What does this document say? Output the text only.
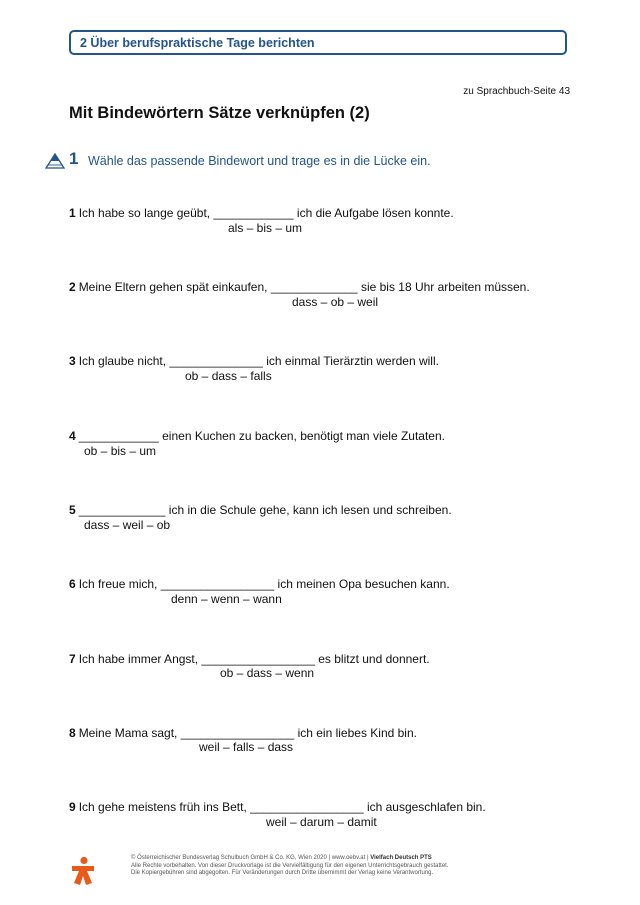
2 Über berufspraktische Tage berichten
zu Sprachbuch-Seite 43
Mit Bindewörtern Sätze verknüpfen (2)
1 Wähle das passende Bindewort und trage es in die Lücke ein.
1 Ich habe so lange geübt, ____________ ich die Aufgabe lösen konnte.
als – bis – um
2 Meine Eltern gehen spät einkaufen, _____________ sie bis 18 Uhr arbeiten müssen.
dass – ob – weil
3 Ich glaube nicht, ______________ ich einmal Tierärztin werden will.
ob – dass – falls
4 ____________ einen Kuchen zu backen, benötigt man viele Zutaten.
ob – bis – um
5 _____________ ich in die Schule gehe, kann ich lesen und schreiben.
dass – weil – ob
6 Ich freue mich, _________________ ich meinen Opa besuchen kann.
denn – wenn – wann
7 Ich habe immer Angst, _________________ es blitzt und donnert.
ob – dass – wenn
8 Meine Mama sagt, _________________ ich ein liebes Kind bin.
weil – falls – dass
9 Ich gehe meistens früh ins Bett, _________________ ich ausgeschlafen bin.
weil – darum – damit
© Österreichischer Bundesverlag Schulbuch GmbH & Co. KG, Wien 2020 | www.oebv.at | Vielfach Deutsch PTS
Alle Rechte vorbehalten. Von dieser Druckvorlage ist die Vervielfältigung für den eigenen Unterrichtsgebrauch gestattet.
Die Kopiergebühren sind abgegolten. Für Veränderungen durch Dritte übernimmt der Verlag keine Verantwortung.
